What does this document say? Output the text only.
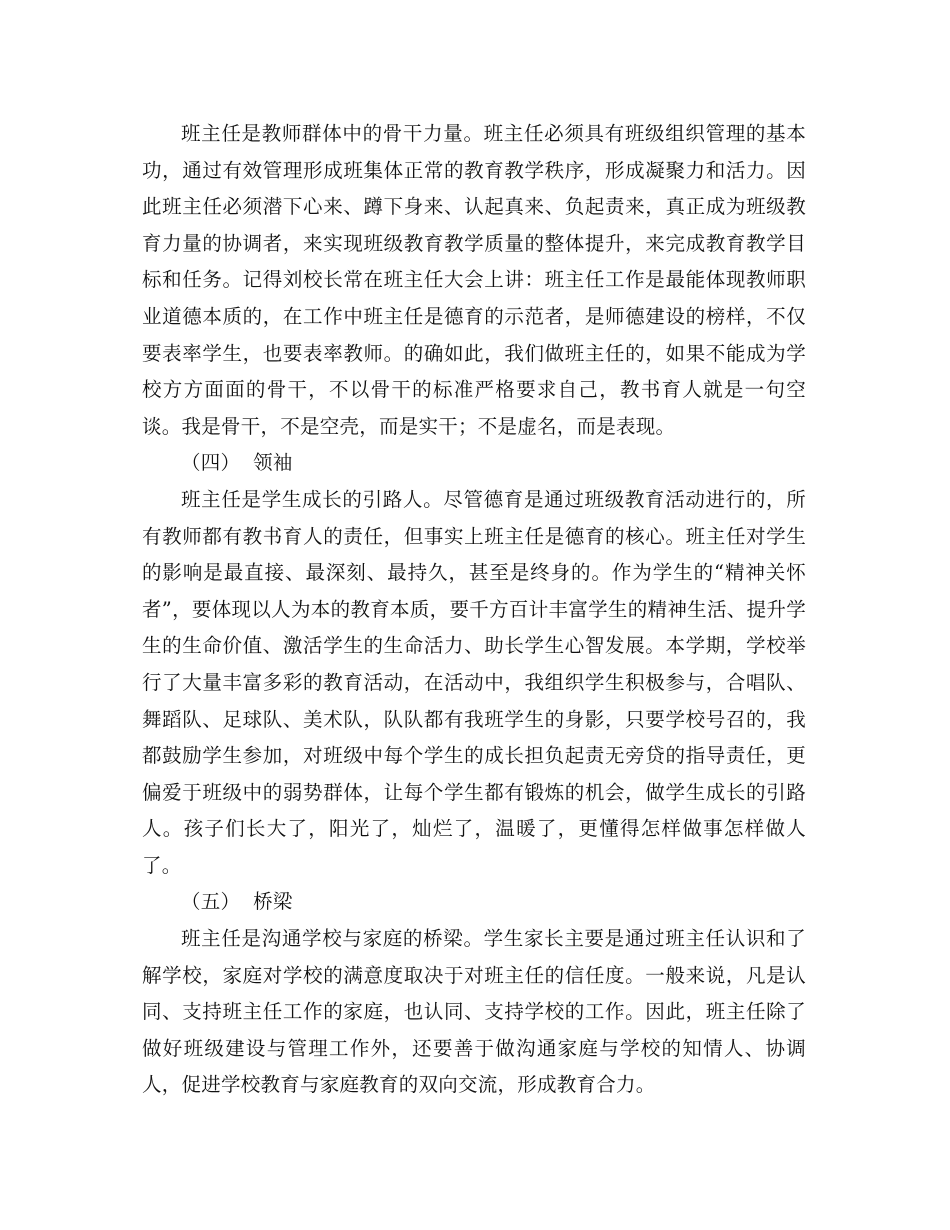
班主任是教师群体中的骨干力量。班主任必须具有班级组织管理的基本功，通过有效管理形成班集体正常的教育教学秩序，形成凝聚力和活力。因此班主任必须潜下心来、蹲下身来、认起真来、负起责来，真正成为班级教育力量的协调者，来实现班级教育教学质量的整体提升，来完成教育教学目标和任务。记得刘校长常在班主任大会上讲：班主任工作是最能体现教师职业道德本质的，在工作中班主任是德育的示范者，是师德建设的榜样，不仅要表率学生，也要表率教师。的确如此，我们做班主任的，如果不能成为学校方方面面的骨干，不以骨干的标准严格要求自己，教书育人就是一句空谈。我是骨干，不是空壳，而是实干；不是虚名，而是表现。

（四）  领袖

班主任是学生成长的引路人。尽管德育是通过班级教育活动进行的，所有教师都有教书育人的责任，但事实上班主任是德育的核心。班主任对学生的影响是最直接、最深刻、最持久，甚至是终身的。作为学生的“精神关怀者”，要体现以人为本的教育本质，要千方百计丰富学生的精神生活、提升学生的生命价值、激活学生的生命活力、助长学生心智发展。本学期，学校举行了大量丰富多彩的教育活动，在活动中，我组织学生积极参与，合唱队、舞蹈队、足球队、美术队，队队都有我班学生的身影，只要学校号召的，我都鼓励学生参加，对班级中每个学生的成长担负起责无旁贷的指导责任，更偏爱于班级中的弱势群体，让每个学生都有锻炼的机会，做学生成长的引路人。孩子们长大了，阳光了，灿烂了，温暖了，更懂得怎样做事怎样做人了。

（五）  桥梁

班主任是沟通学校与家庭的桥梁。学生家长主要是通过班主任认识和了解学校，家庭对学校的满意度取决于对班主任的信任度。一般来说，凡是认同、支持班主任工作的家庭，也认同、支持学校的工作。因此，班主任除了做好班级建设与管理工作外，还要善于做沟通家庭与学校的知情人、协调人，促进学校教育与家庭教育的双向交流，形成教育合力。
